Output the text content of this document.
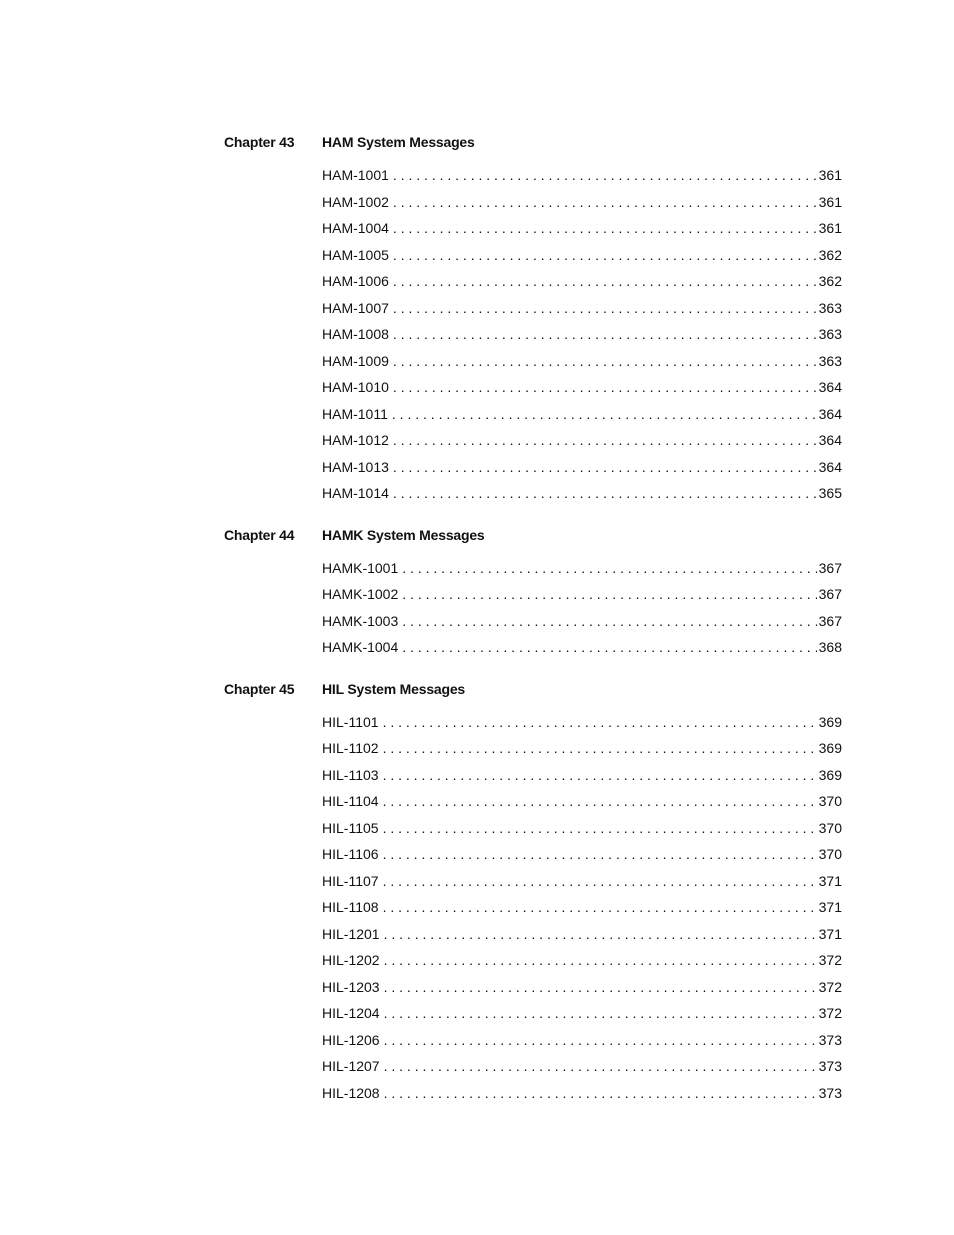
Chapter 43	HAM System Messages
HAM-1001 . . .	361
HAM-1002 . . .	361
HAM-1004 . . .	361
HAM-1005 . . .	362
HAM-1006 . . .	362
HAM-1007 . . .	363
HAM-1008 . . .	363
HAM-1009 . . .	363
HAM-1010 . . .	364
HAM-1011 . . .	364
HAM-1012 . . .	364
HAM-1013 . . .	364
HAM-1014 . . .	365
Chapter 44	HAMK System Messages
HAMK-1001 . . .	367
HAMK-1002 . . .	367
HAMK-1003 . . .	367
HAMK-1004 . . .	368
Chapter 45	HIL System Messages
HIL-1101 . . .	369
HIL-1102 . . .	369
HIL-1103 . . .	369
HIL-1104 . . .	370
HIL-1105 . . .	370
HIL-1106 . . .	370
HIL-1107 . . .	371
HIL-1108 . . .	371
HIL-1201 . . .	371
HIL-1202 . . .	372
HIL-1203 . . .	372
HIL-1204 . . .	372
HIL-1206 . . .	373
HIL-1207 . . .	373
HIL-1208 . . .	373
